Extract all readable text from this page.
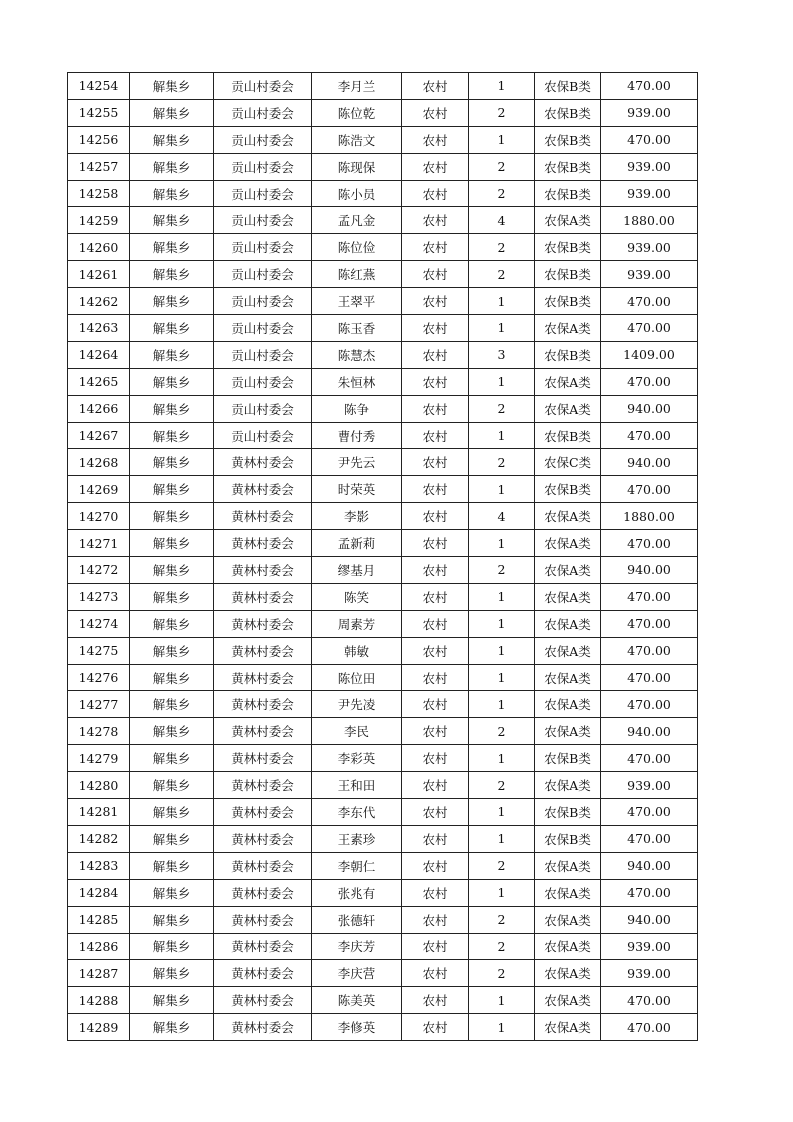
14254	解集乡	贡山村委会	李月兰	农村	1	农保B类	470.00
14255	解集乡	贡山村委会	陈位乾	农村	2	农保B类	939.00
14256	解集乡	贡山村委会	陈浩文	农村	1	农保B类	470.00
14257	解集乡	贡山村委会	陈现保	农村	2	农保B类	939.00
14258	解集乡	贡山村委会	陈小员	农村	2	农保B类	939.00
14259	解集乡	贡山村委会	孟凡金	农村	4	农保A类	1880.00
14260	解集乡	贡山村委会	陈位俭	农村	2	农保B类	939.00
14261	解集乡	贡山村委会	陈红燕	农村	2	农保B类	939.00
14262	解集乡	贡山村委会	王翠平	农村	1	农保B类	470.00
14263	解集乡	贡山村委会	陈玉香	农村	1	农保A类	470.00
14264	解集乡	贡山村委会	陈慧杰	农村	3	农保B类	1409.00
14265	解集乡	贡山村委会	朱恒林	农村	1	农保A类	470.00
14266	解集乡	贡山村委会	陈争	农村	2	农保A类	940.00
14267	解集乡	贡山村委会	曹付秀	农村	1	农保B类	470.00
14268	解集乡	黄林村委会	尹先云	农村	2	农保C类	940.00
14269	解集乡	黄林村委会	时荣英	农村	1	农保B类	470.00
14270	解集乡	黄林村委会	李影	农村	4	农保A类	1880.00
14271	解集乡	黄林村委会	孟新莉	农村	1	农保A类	470.00
14272	解集乡	黄林村委会	缪基月	农村	2	农保A类	940.00
14273	解集乡	黄林村委会	陈笑	农村	1	农保A类	470.00
14274	解集乡	黄林村委会	周素芳	农村	1	农保A类	470.00
14275	解集乡	黄林村委会	韩敏	农村	1	农保A类	470.00
14276	解集乡	黄林村委会	陈位田	农村	1	农保A类	470.00
14277	解集乡	黄林村委会	尹先凌	农村	1	农保A类	470.00
14278	解集乡	黄林村委会	李民	农村	2	农保A类	940.00
14279	解集乡	黄林村委会	李彩英	农村	1	农保B类	470.00
14280	解集乡	黄林村委会	王和田	农村	2	农保A类	939.00
14281	解集乡	黄林村委会	李东代	农村	1	农保B类	470.00
14282	解集乡	黄林村委会	王素珍	农村	1	农保B类	470.00
14283	解集乡	黄林村委会	李朝仁	农村	2	农保A类	940.00
14284	解集乡	黄林村委会	张兆有	农村	1	农保A类	470.00
14285	解集乡	黄林村委会	张德轩	农村	2	农保A类	940.00
14286	解集乡	黄林村委会	李庆芳	农村	2	农保A类	939.00
14287	解集乡	黄林村委会	李庆营	农村	2	农保A类	939.00
14288	解集乡	黄林村委会	陈美英	农村	1	农保A类	470.00
14289	解集乡	黄林村委会	李修英	农村	1	农保A类	470.00
